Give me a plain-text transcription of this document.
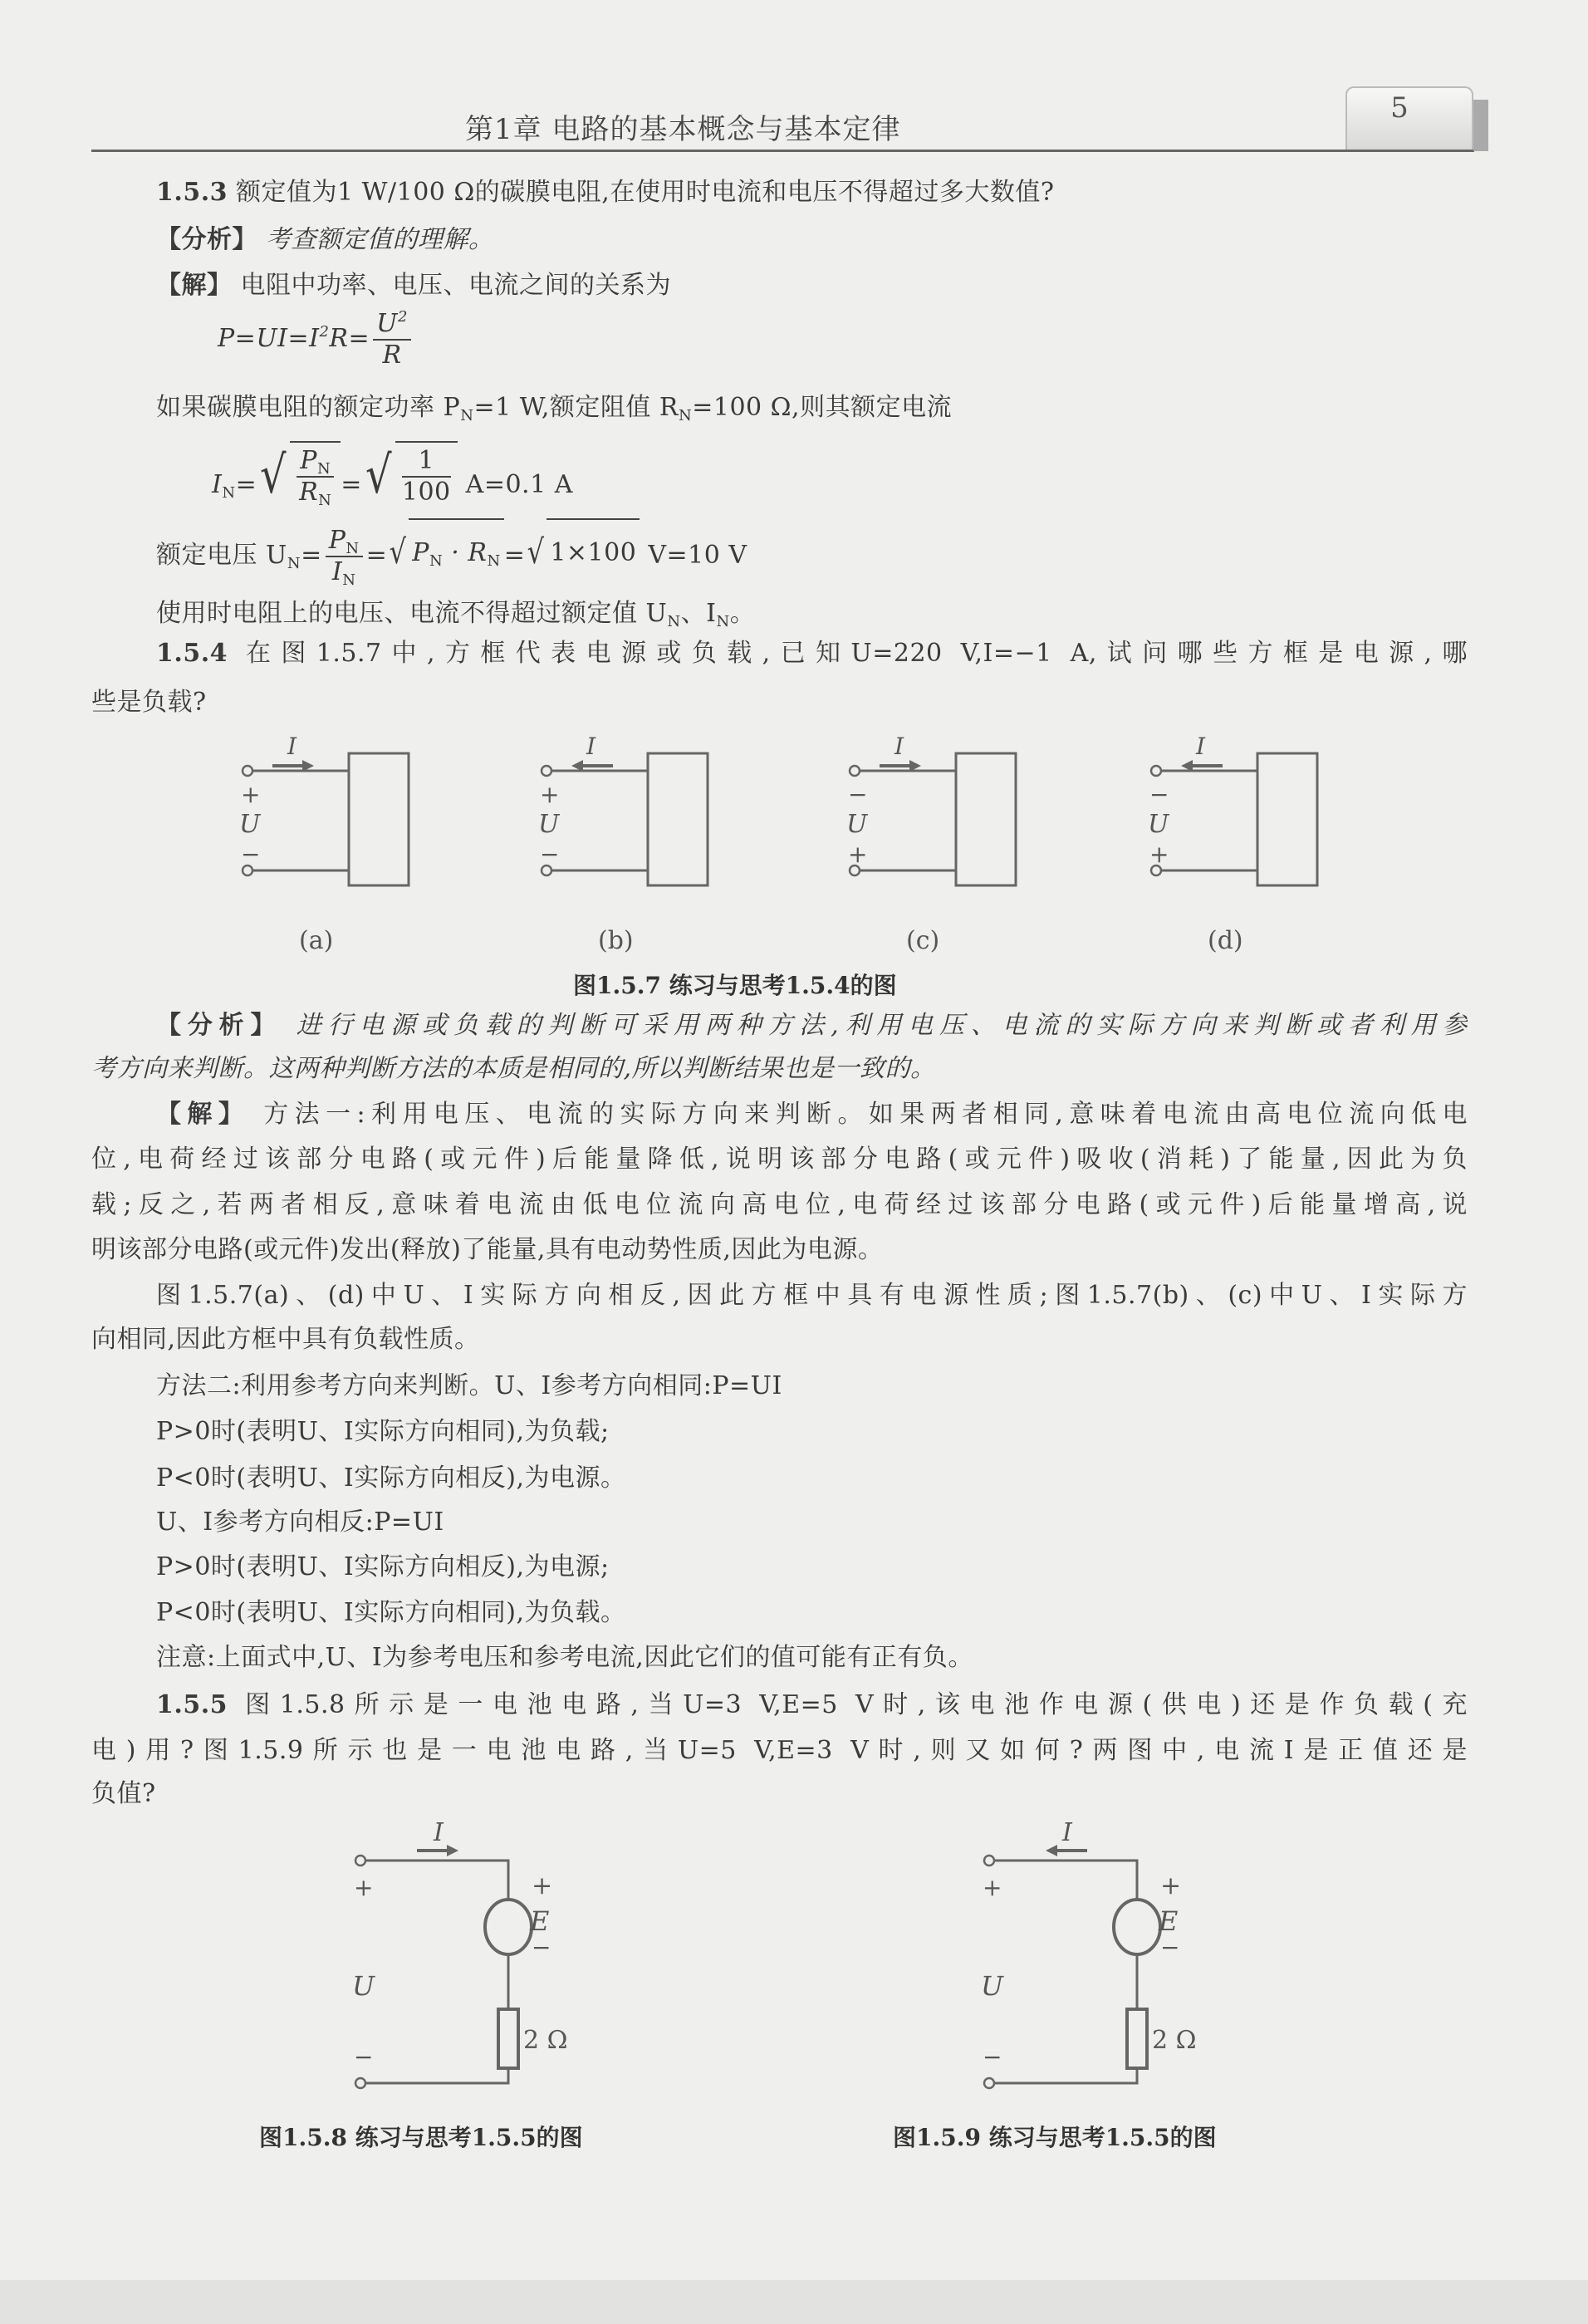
第1章 电路的基本概念与基本定律
5
1.5.3 额定值为1 W/100 Ω的碳膜电阻,在使用时电流和电压不得超过多大数值?
【分析】 考查额定值的理解。
【解】 电阻中功率、电压、电流之间的关系为
$P=UI=I^2R= \frac{U^2}{R}$
如果碳膜电阻的额定功率 $P_N=1$ W,额定阻值 $R_N=100$ Ω,则其额定电流
$I_N=$ √ $\frac{P_N}{R_N}$ = √ $\frac{1}{100} A=0.1$ A
额定电压 $U_N= \frac{P_N}{I_N}$ = √ $P_N \cdot R_N$ = √ 1×100 V=10 V
使用时电阻上的电压、电流不得超过额定值 $U_N$、$I_N$。
1.5.4 在图1.5.7中,方框代表电源或负载,已知U=220 V,I=−1 A,试问哪些方框是电源,哪
些是负载?
I
+
U
−
(a)
I
+
U
−
(b)
I
−
U
+
(c)
I
−
U
+
(d)
图1.5.7 练习与思考1.5.4的图
【分析】 进行电源或负载的判断可采用两种方法,利用电压、电流的实际方向来判断或者利用参
考方向来判断。这两种判断方法的本质是相同的,所以判断结果也是一致的。
【解】 方法一:利用电压、电流的实际方向来判断。如果两者相同,意味着电流由高电位流向低电
位,电荷经过该部分电路(或元件)后能量降低,说明该部分电路(或元件)吸收(消耗)了能量,因此为负
载;反之,若两者相反,意味着电流由低电位流向高电位,电荷经过该部分电路(或元件)后能量增高,说
明该部分电路(或元件)发出(释放)了能量,具有电动势性质,因此为电源。
图1.5.7(a)、(d)中U、I实际方向相反,因此方框中具有电源性质;图1.5.7(b)、(c)中U、I实际方
向相同,因此方框中具有负载性质。
方法二:利用参考方向来判断。U、I参考方向相同:P=UI
P>0时(表明U、I实际方向相同),为负载;
P<0时(表明U、I实际方向相反),为电源。
U、I参考方向相反:P=UI
P>0时(表明U、I实际方向相反),为电源;
P<0时(表明U、I实际方向相同),为负载。
注意:上面式中,U、I为参考电压和参考电流,因此它们的值可能有正有负。
1.5.5 图1.5.8所示是一电池电路,当U=3 V,E=5 V时,该电池作电源(供电)还是作负载(充
电)用?图1.5.9所示也是一电池电路,当U=5 V,E=3 V时,则又如何?两图中,电流I是正值还是
负值?
I
+
U
−
+
E
−
2 Ω
I
+
U
−
+
E
−
2 Ω
图1.5.8 练习与思考1.5.5的图	图1.5.9 练习与思考1.5.5的图
